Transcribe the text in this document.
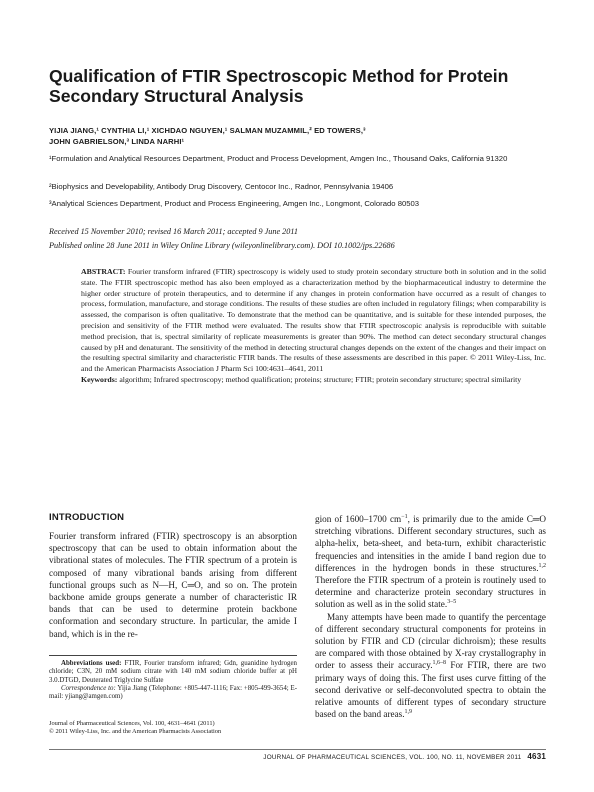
Qualification of FTIR Spectroscopic Method for Protein Secondary Structural Analysis
YIJIA JIANG,¹ CYNTHIA LI,¹ XICHDAO NGUYEN,¹ SALMAN MUZAMMIL,² ED TOWERS,³
JOHN GABRIELSON,³ LINDA NARHI¹
¹Formulation and Analytical Resources Department, Product and Process Development, Amgen Inc., Thousand Oaks, California 91320
²Biophysics and Developability, Antibody Drug Discovery, Centocor Inc., Radnor, Pennsylvania 19406
³Analytical Sciences Department, Product and Process Engineering, Amgen Inc., Longmont, Colorado 80503
Received 15 November 2010; revised 16 March 2011; accepted 9 June 2011
Published online 28 June 2011 in Wiley Online Library (wileyonlinelibrary.com). DOI 10.1002/jps.22686
ABSTRACT: Fourier transform infrared (FTIR) spectroscopy is widely used to study protein secondary structure both in solution and in the solid state. The FTIR spectroscopic method has also been employed as a characterization method by the biopharmaceutical industry to determine the higher order structure of protein therapeutics, and to determine if any changes in protein conformation have occurred as a result of changes to process, formulation, manufacture, and storage conditions. The results of these studies are often included in regulatory filings; when comparability is assessed, the comparison is often qualitative. To demonstrate that the method can be quantitative, and is suitable for these intended purposes, the precision and sensitivity of the FTIR method were evaluated. The results show that FTIR spectroscopic analysis is reproducible with suitable method precision, that is, spectral similarity of replicate measurements is greater than 90%. The method can detect secondary structural changes caused by pH and denaturant. The sensitivity of the method in detecting structural changes depends on the extent of the changes and their impact on the resulting spectral similarity and characteristic FTIR bands. The results of these assessments are described in this paper. © 2011 Wiley-Liss, Inc. and the American Pharmacists Association J Pharm Sci 100:4631–4641, 2011
Keywords: algorithm; Infrared spectroscopy; method qualification; proteins; structure; FTIR; protein secondary structure; spectral similarity
INTRODUCTION
Fourier transform infrared (FTIR) spectroscopy is an absorption spectroscopy that can be used to obtain information about the vibrational states of molecules. The FTIR spectrum of a protein is composed of many vibrational bands arising from different functional groups such as N—H, C═O, and so on. The protein backbone amide groups generate a number of characteristic IR bands that can be used to determine protein backbone conformation and secondary structure. In particular, the amide I band, which is in the re-
gion of 1600–1700 $cm^{-1}$, is primarily due to the amide C═O stretching vibrations. Different secondary structures, such as alpha-helix, beta-sheet, and beta-turn, exhibit characteristic frequencies and intensities in the amide I band region due to differences in the hydrogen bonds in these structures.$^{1,2}$ Therefore the FTIR spectrum of a protein is routinely used to determine and characterize protein secondary structures in solution as well as in the solid state.$^{3-5}$
Many attempts have been made to quantify the percentage of different secondary structural components for proteins in solution by FTIR and CD (circular dichroism); these results are compared with those obtained by X-ray crystallography in order to assess their accuracy.$^{1,6-8}$ For FTIR, there are two primary ways of doing this. The first uses curve fitting of the second derivative or self-deconvoluted spectra to obtain the relative amounts of different types of secondary structure based on the band areas.$^{1,9}$
Abbreviations used: FTIR, Fourier transform infrared; Gdn, guanidine hydrogen chloride; C3N, 20 mM sodium citrate with 140 mM sodium chloride buffer at pH 3.0.DTGD, Deuterated Triglycine Sulfate
Correspondence to: Yijia Jiang (Telephone: +805-447-1116; Fax: +805-499-3654; E-mail: yjiang@amgen.com)
Journal of Pharmaceutical Sciences, Vol. 100, 4631–4641 (2011)
© 2011 Wiley-Liss, Inc. and the American Pharmacists Association
JOURNAL OF PHARMACEUTICAL SCIENCES, VOL. 100, NO. 11, NOVEMBER 2011 4631
